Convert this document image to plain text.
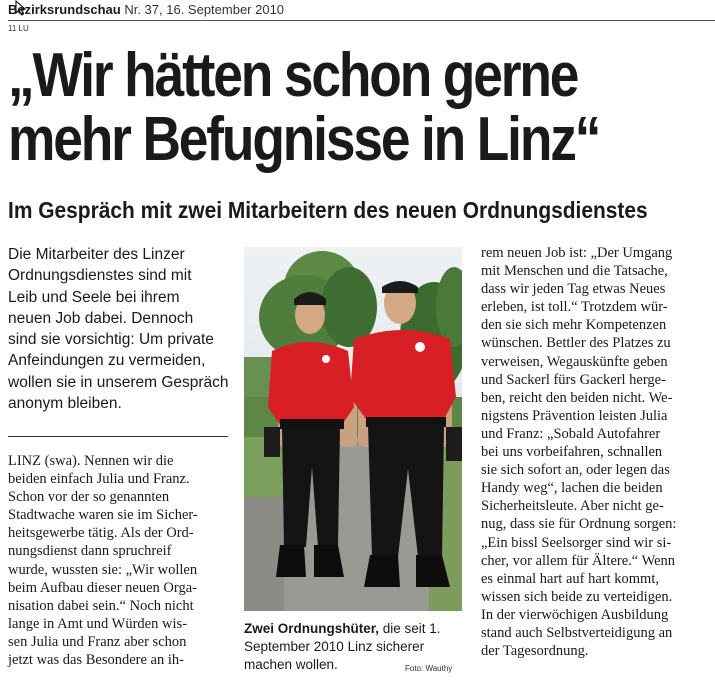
Bezirksrundschau Nr. 37, 16. September 2010
11 LU
„Wir hätten schon gerne
mehr Befugnisse in Linz“
Im Gespräch mit zwei Mitarbeitern des neuen Ordnungsdienstes
Die Mitarbeiter des Linzer
Ordnungsdienstes sind mit
Leib und Seele bei ihrem
neuen Job dabei. Dennoch
sind sie vorsichtig: Um private
Anfeindungen zu vermeiden,
wollen sie in unserem Gespräch
anonym bleiben.
LINZ (swa). Nennen wir die
beiden einfach Julia und Franz.
Schon vor der so genannten
Stadtwache waren sie im Sicher-
heitsgewerbe tätig. Als der Ord-
nungsdienst dann spruchreif
wurde, wussten sie: „Wir wollen
beim Aufbau dieser neuen Orga-
nisation dabei sein.“ Noch nicht
lange in Amt und Würden wis-
sen Julia und Franz aber schon
jetzt was das Besondere an ih-
Zwei Ordnungshüter, die seit 1.
September 2010 Linz sicherer
machen wollen.	Foto: Wauthy
rem neuen Job ist: „Der Umgang
mit Menschen und die Tatsache,
dass wir jeden Tag etwas Neues
erleben, ist toll.“ Trotzdem wür-
den sie sich mehr Kompetenzen
wünschen. Bettler des Platzes zu
verweisen, Wegauskünfte geben
und Sackerl fürs Gackerl herge-
ben, reicht den beiden nicht. We-
nigstens Prävention leisten Julia
und Franz: „Sobald Autofahrer
bei uns vorbeifahren, schnallen
sie sich sofort an, oder legen das
Handy weg“, lachen die beiden
Sicherheitsleute. Aber nicht ge-
nug, dass sie für Ordnung sorgen:
„Ein bissl Seelsorger sind wir si-
cher, vor allem für Ältere.“ Wenn
es einmal hart auf hart kommt,
wissen sich beide zu verteidigen.
In der vierwöchigen Ausbildung
stand auch Selbstverteidigung an
der Tagesordnung.
